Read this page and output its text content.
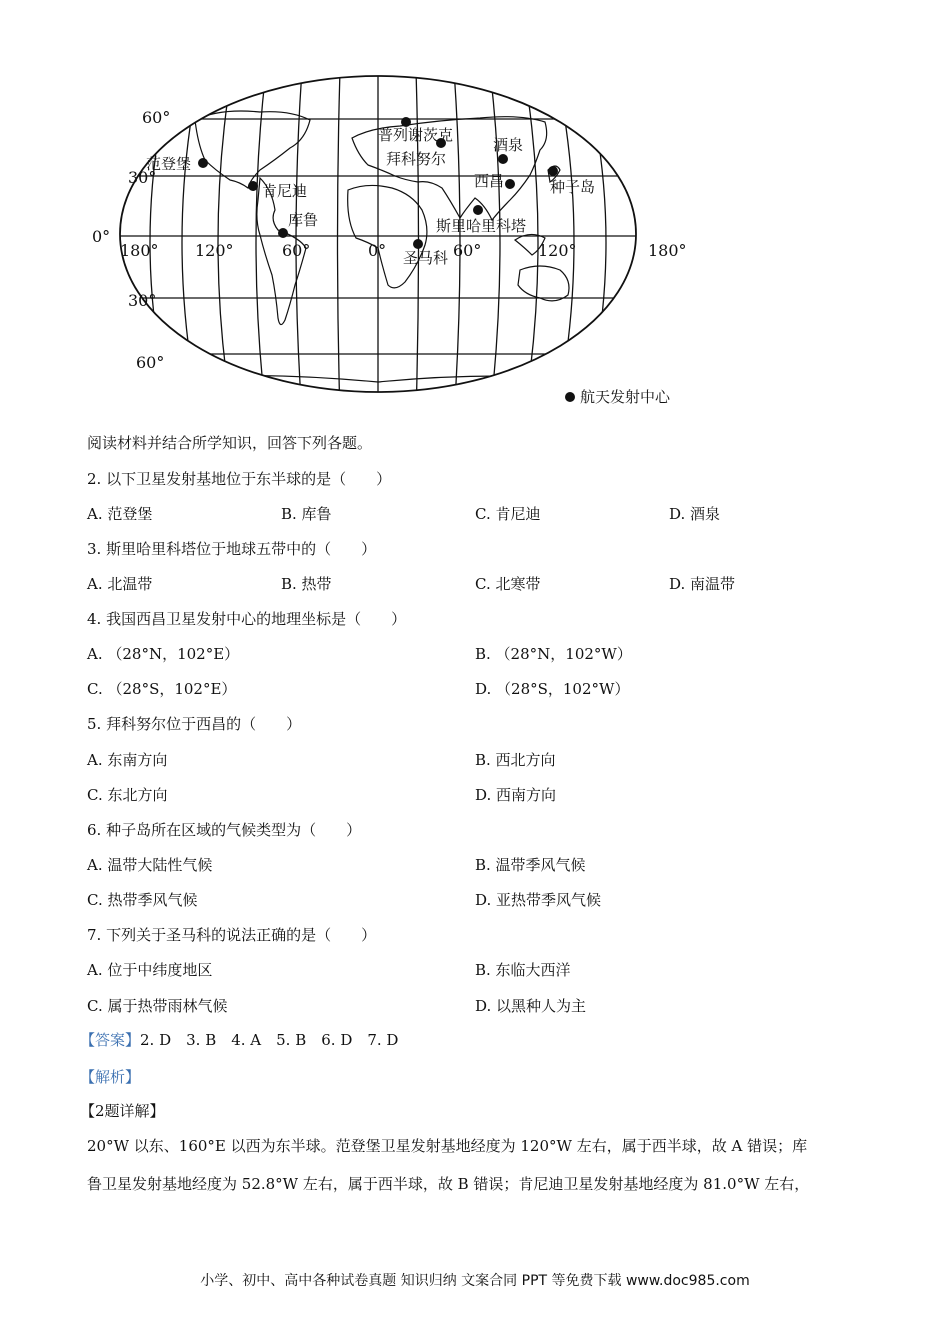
60°
30°
0°
30°
60°
180° 120°	60°	0°	60°	120°	180°
范登堡
肯尼迪
库鲁
普列谢茨克
拜科努尔
酒泉
西昌	种子岛
斯里哈里科塔
圣马科
航天发射中心
阅读材料并结合所学知识，回答下列各题。
2. 以下卫星发射基地位于东半球的是（　　）
A. 范登堡	B. 库鲁	C. 肯尼迪	D. 酒泉
3. 斯里哈里科塔位于地球五带中的（　　）
A. 北温带	B. 热带	C. 北寒带	D. 南温带
4. 我国西昌卫星发射中心的地理坐标是（　　）
A. （28°N，102°E）	B. （28°N，102°W）
C. （28°S，102°E）	D. （28°S，102°W）
5. 拜科努尔位于西昌的（　　）
A. 东南方向	B. 西北方向
C. 东北方向	D. 西南方向
6. 种子岛所在区域的气候类型为（　　）
A. 温带大陆性气候	B. 温带季风气候
C. 热带季风气候	D. 亚热带季风气候
7. 下列关于圣马科的说法正确的是（　　）
A. 位于中纬度地区	B. 东临大西洋
C. 属于热带雨林气候	D. 以黑种人为主
【答案】2. D　3. B　4. A　5. B　6. D　7. D
【解析】
【2题详解】
20°W 以东、160°E 以西为东半球。范登堡卫星发射基地经度为 120°W 左右，属于西半球，故 A 错误；库
鲁卫星发射基地经度为 52.8°W 左右，属于西半球，故 B 错误；肯尼迪卫星发射基地经度为 81.0°W 左右，
小学、初中、高中各种试卷真题 知识归纳 文案合同 PPT 等免费下载 www.doc985.com
